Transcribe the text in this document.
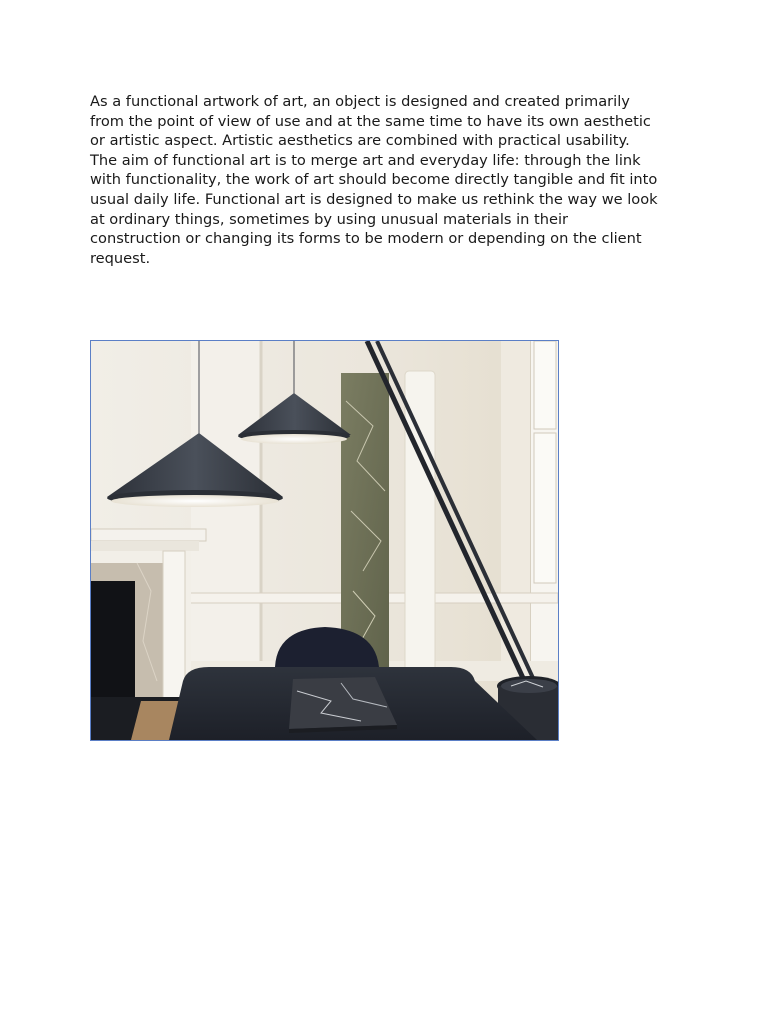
As a functional artwork of art, an object is designed and created primarily
from the point of view of use and at the same time to have its own aesthetic
or artistic aspect. Artistic aesthetics are combined with practical usability.
The aim of functional art is to merge art and everyday life: through the link
with functionality, the work of art should become directly tangible and fit into
usual daily life. Functional art is designed to make us rethink the way we look
at ordinary things, sometimes by using unusual materials in their
construction or changing its forms to be modern or depending on the client
request.
